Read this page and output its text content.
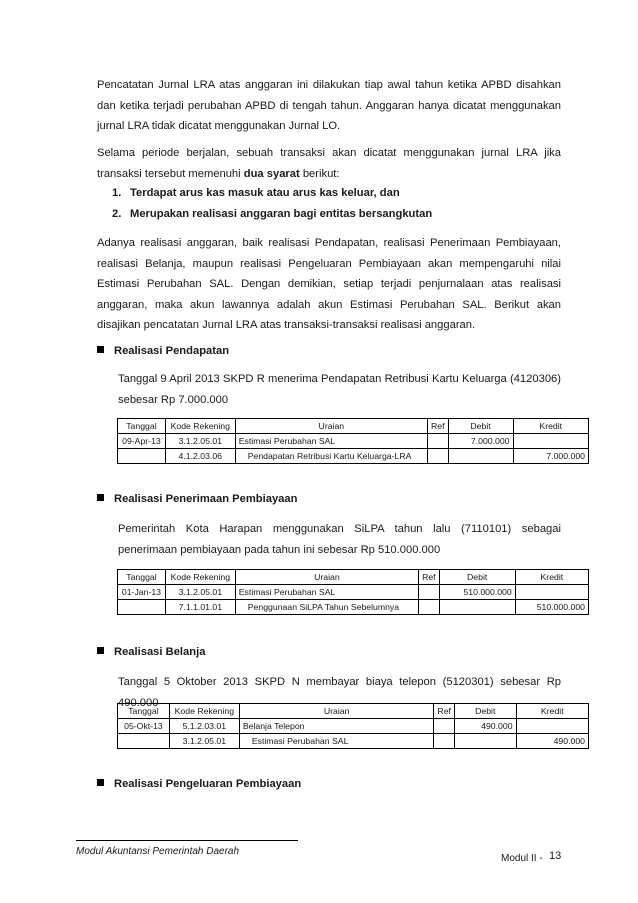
Pencatatan Jurnal LRA atas anggaran ini dilakukan tiap awal tahun ketika APBD disahkan dan ketika terjadi perubahan APBD di tengah tahun. Anggaran hanya dicatat menggunakan jurnal LRA tidak dicatat menggunakan Jurnal LO.

Selama periode berjalan, sebuah transaksi akan dicatat menggunakan jurnal LRA jika transaksi tersebut memenuhi dua syarat berikut:

1. Terdapat arus kas masuk atau arus kas keluar, dan
2. Merupakan realisasi anggaran bagi entitas bersangkutan

Adanya realisasi anggaran, baik realisasi Pendapatan, realisasi Penerimaan Pembiayaan, realisasi Belanja, maupun realisasi Pengeluaran Pembiayaan akan mempengaruhi nilai Estimasi Perubahan SAL. Dengan demikian, setiap terjadi penjurnalaan atas realisasi anggaran, maka akun lawannya adalah akun Estimasi Perubahan SAL. Berikut akan disajikan pencatatan Jurnal LRA atas transaksi-transaksi realisasi anggaran.

Realisasi Pendapatan

Tanggal 9 April 2013 SKPD R menerima Pendapatan Retribusi Kartu Keluarga (4120306) sebesar Rp 7.000.000

Tanggal	Kode Rekening	Uraian	Ref	Debit	Kredit
09-Apr-13	3.1.2.05.01	Estimasi Perubahan SAL		7.000.000	
	4.1.2.03.06	Pendapatan Retribusi Kartu Keluarga-LRA			7.000.000
Realisasi Penerimaan Pembiayaan

Pemerintah Kota Harapan menggunakan SiLPA tahun lalu (7110101) sebagai penerimaan pembiayaan pada tahun ini sebesar Rp 510.000.000

Tanggal	Kode Rekening	Uraian	Ref	Debit	Kredit
01-Jan-13	3.1.2.05.01	Estimasi Perubahan SAL		510.000.000	
	7.1.1.01.01	Penggunaan SiLPA Tahun Sebelumnya			510.000.000
Realisasi Belanja

Tanggal 5 Oktober 2013 SKPD N membayar biaya telepon (5120301) sebesar Rp 490.000

Tanggal	Kode Rekening	Uraian	Ref	Debit	Kredit
05-Okt-13	5.1.2.03.01	Belanja Telepon		490.000	
	3.1.2.05.01	Estimasi Perubahan SAL			490.000
Realisasi Pengeluaran Pembiayaan
Modul Akuntansi Pemerintah Daerah
Modul II - 13
